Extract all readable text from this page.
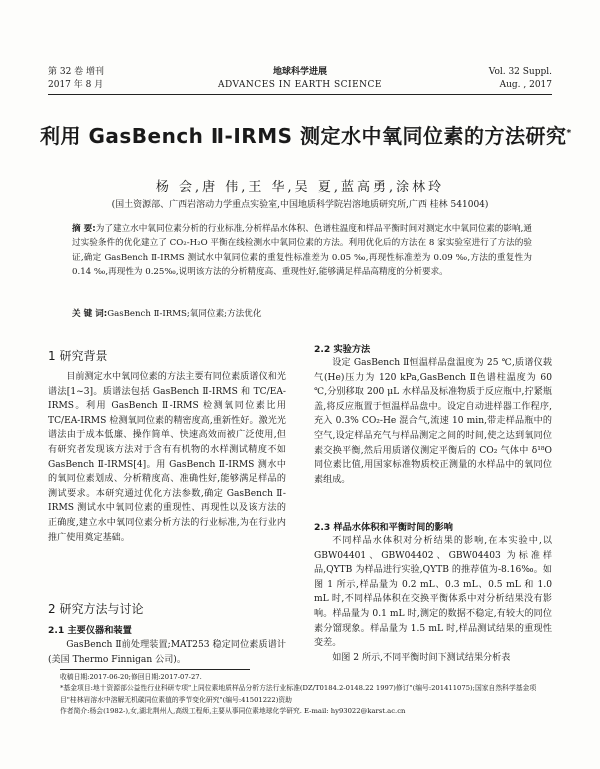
第 32 卷 增刊
2017 年 8 月
地球科学进展
ADVANCES IN EARTH SCIENCE
Vol. 32 Suppl.
Aug. , 2017
利用 GasBench Ⅱ-IRMS 测定水中氧同位素的方法研究*
杨 会,唐 伟,王 华,吴 夏,蓝高勇,涂林玲
(国土资源部、广西岩溶动力学重点实验室,中国地质科学院岩溶地质研究所,广西 桂林 541004)
摘 要:为了建立水中氧同位素分析的行业标准,分析样品水体积、色谱柱温度和样品平衡时间对测定水中氧同位素的影响,通过实验条件的优化建立了 CO₂-H₂O 平衡在线检测水中氧同位素的方法。利用优化后的方法在 8 家实验室进行了方法的验证,确定 GasBench Ⅱ-IRMS 测试水中氧同位素的重复性标准差为 0.05 ‰,再现性标准差为 0.09 ‰,方法的重复性为 0.14 ‰,再现性为 0.25‰,说明该方法的分析精度高、重现性好,能够满足样品高精度的分析要求。
关 键 词:GasBench Ⅱ-IRMS;氧同位素;方法优化
1 研究背景

目前测定水中氧同位素的方法主要有同位素质谱仪和光谱法[1~3]。质谱法包括 GasBench Ⅱ-IRMS 和 TC/EA-IRMS。利用 GasBench Ⅱ-IRMS 检测氧同位素比用 TC/EA-IRMS 检测氧同位素的精密度高,重新性好。激光光谱法由于成本低廉、操作简单、快速高效而被广泛使用,但有研究者发现该方法对于含有有机物的水样测试精度不如 GasBench Ⅱ-IRMS[4]。用 GasBench Ⅱ-IRMS 测水中的氧同位素划成、分析精度高、准确性好,能够满足样品的测试要求。本研究通过优化方法参数,确定 GasBench Ⅱ-IRMS 测试水中氧同位素的重现性、再现性以及该方法的正确度,建立水中氧同位素分析方法的行业标准,为在行业内推广使用奠定基础。

2 研究方法与讨论
2.1 主要仪器和装置

GasBench Ⅱ前处理装置;MAT253 稳定同位素质谱计(美国 Thermo Finnigan 公司)。

2.2 实验方法

设定 GasBench Ⅱ恒温样品盘温度为 25 ℃,质谱仪载气(He)压力为 120 kPa,GasBench Ⅱ色谱柱温度为 60 ℃,分别移取 200 μL 水样品及标准物质于反应瓶中,拧紧瓶盖,将反应瓶置于恒温样品盘中。设定自动进样器工作程序,充入 0.3% CO₂-He 混合气,流速 10 min,带走样品瓶中的空气,设定样品充气与样品测定之间的时间,使之达到氧同位素交换平衡,然后用质谱仪测定平衡后的 CO₂ 气体中 δ¹⁸O 同位素比值,用国家标准物质校正测量的水样品中的氧同位素组成。

2.3 样品水体积和平衡时间的影响

不同样品水体积对分析结果的影响,在本实验中,以 GBW04401、GBW04402、GBW04403 为标准样品,QYTB 为样品进行实验,QYTB 的推荐值为-8.16‰。如图 1 所示,样品量为 0.2 mL、0.3 mL、0.5 mL 和 1.0 mL 时,不同样品体积在交换平衡体系中对分析结果没有影响。样品量为 0.1 mL 时,测定的数据不稳定,有较大的同位素分馏现象。样品量为 1.5 mL 时,样品测试结果的重现性变差。

如图 2 所示,不同平衡时间下测试结果分析表

收稿日期:2017-06-20;修回日期:2017-07-27.

*基金项目:地十资源部公益性行业科研专项"上同位素地质样品分析方法行业标准(DZ/T0184.2-0148.22 1997)修订"(编号:201411075);国家自然科学基金项目"桂林岩溶水中溶解无机碳同位素值的季节变化研究"(编号:41501222)资助

作者简介:杨会(1982-),女,湖北荆州人,高级工程师,主要从事同位素地球化学研究. E-mail: hy93022@karst.ac.cn
